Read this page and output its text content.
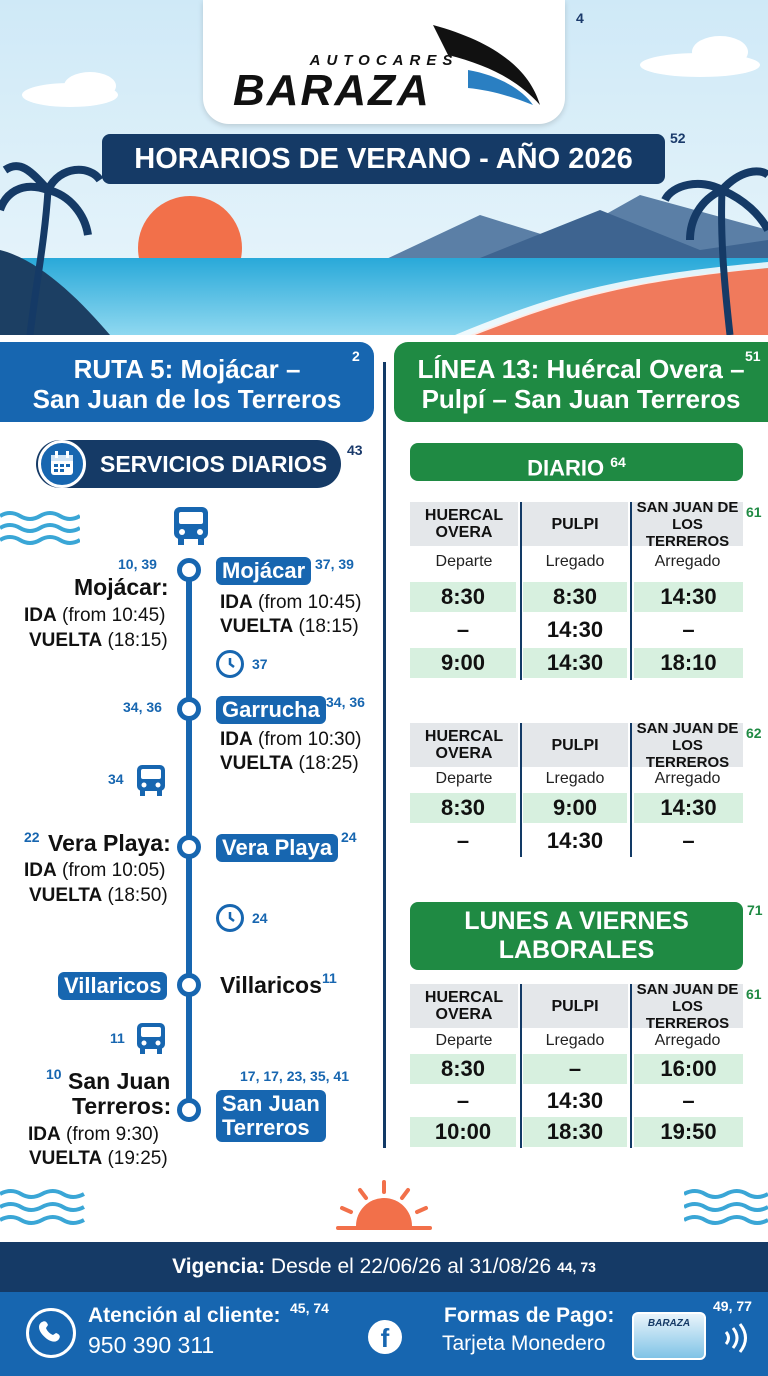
AUTOCARES
BARAZA
4
HORARIOS DE VERANO - AÑO 2026
52
RUTA 5: Mojácar –
San Juan de los Terreros
2	LÍNEA 13: Huércal Overa –
Pulpí – San Juan Terreros
51
SERVICIOS DIARIOS
43
10, 39
Mojácar:
IDA (from 10:45)
VUELTA (18:15)
Mojácar 37, 39
IDA (from 10:45)
VUELTA (18:15)
37
34, 36	Garrucha 34, 36
IDA (from 10:30)
VUELTA (18:25)
34
22 Vera Playa:
IDA (from 10:05)
VUELTA (18:50)
Vera Playa 24
24
Villaricos	Villaricos 11
11
10 San Juan
Terreros:
IDA (from 9:30)
VUELTA (19:25)
17, 17, 23, 35, 41
San Juan
Terreros
DIARIO $^{64}$
HUERCAL
OVERA	PULPI
SAN JUAN DE
LOS TERREROS
Departe	Lregado	Arregado
8:30	8:30	14:30
–	14:30	–
9:00	14:30	18:10
61
HUERCAL
OVERA	PULPI
SAN JUAN DE
LOS TERREROS
Departe	Lregado	Arregado
8:30	9:00	14:30
–	14:30	–
62
LUNES A VIERNES
LABORALES
71
HUERCAL
OVERA	PULPI
SAN JUAN DE
LOS TERREROS
Departe	Lregado	Arregado
8:30	–	16:00
–	14:30	–
10:00	18:30	19:50
61
Vigencia:
Desde el 22/06/26 al 31/08/26
44, 73
Atención al cliente: 45, 74
950 390 311	f
Formas de Pago:
Tarjeta Monedero
49, 77
BARAZA
